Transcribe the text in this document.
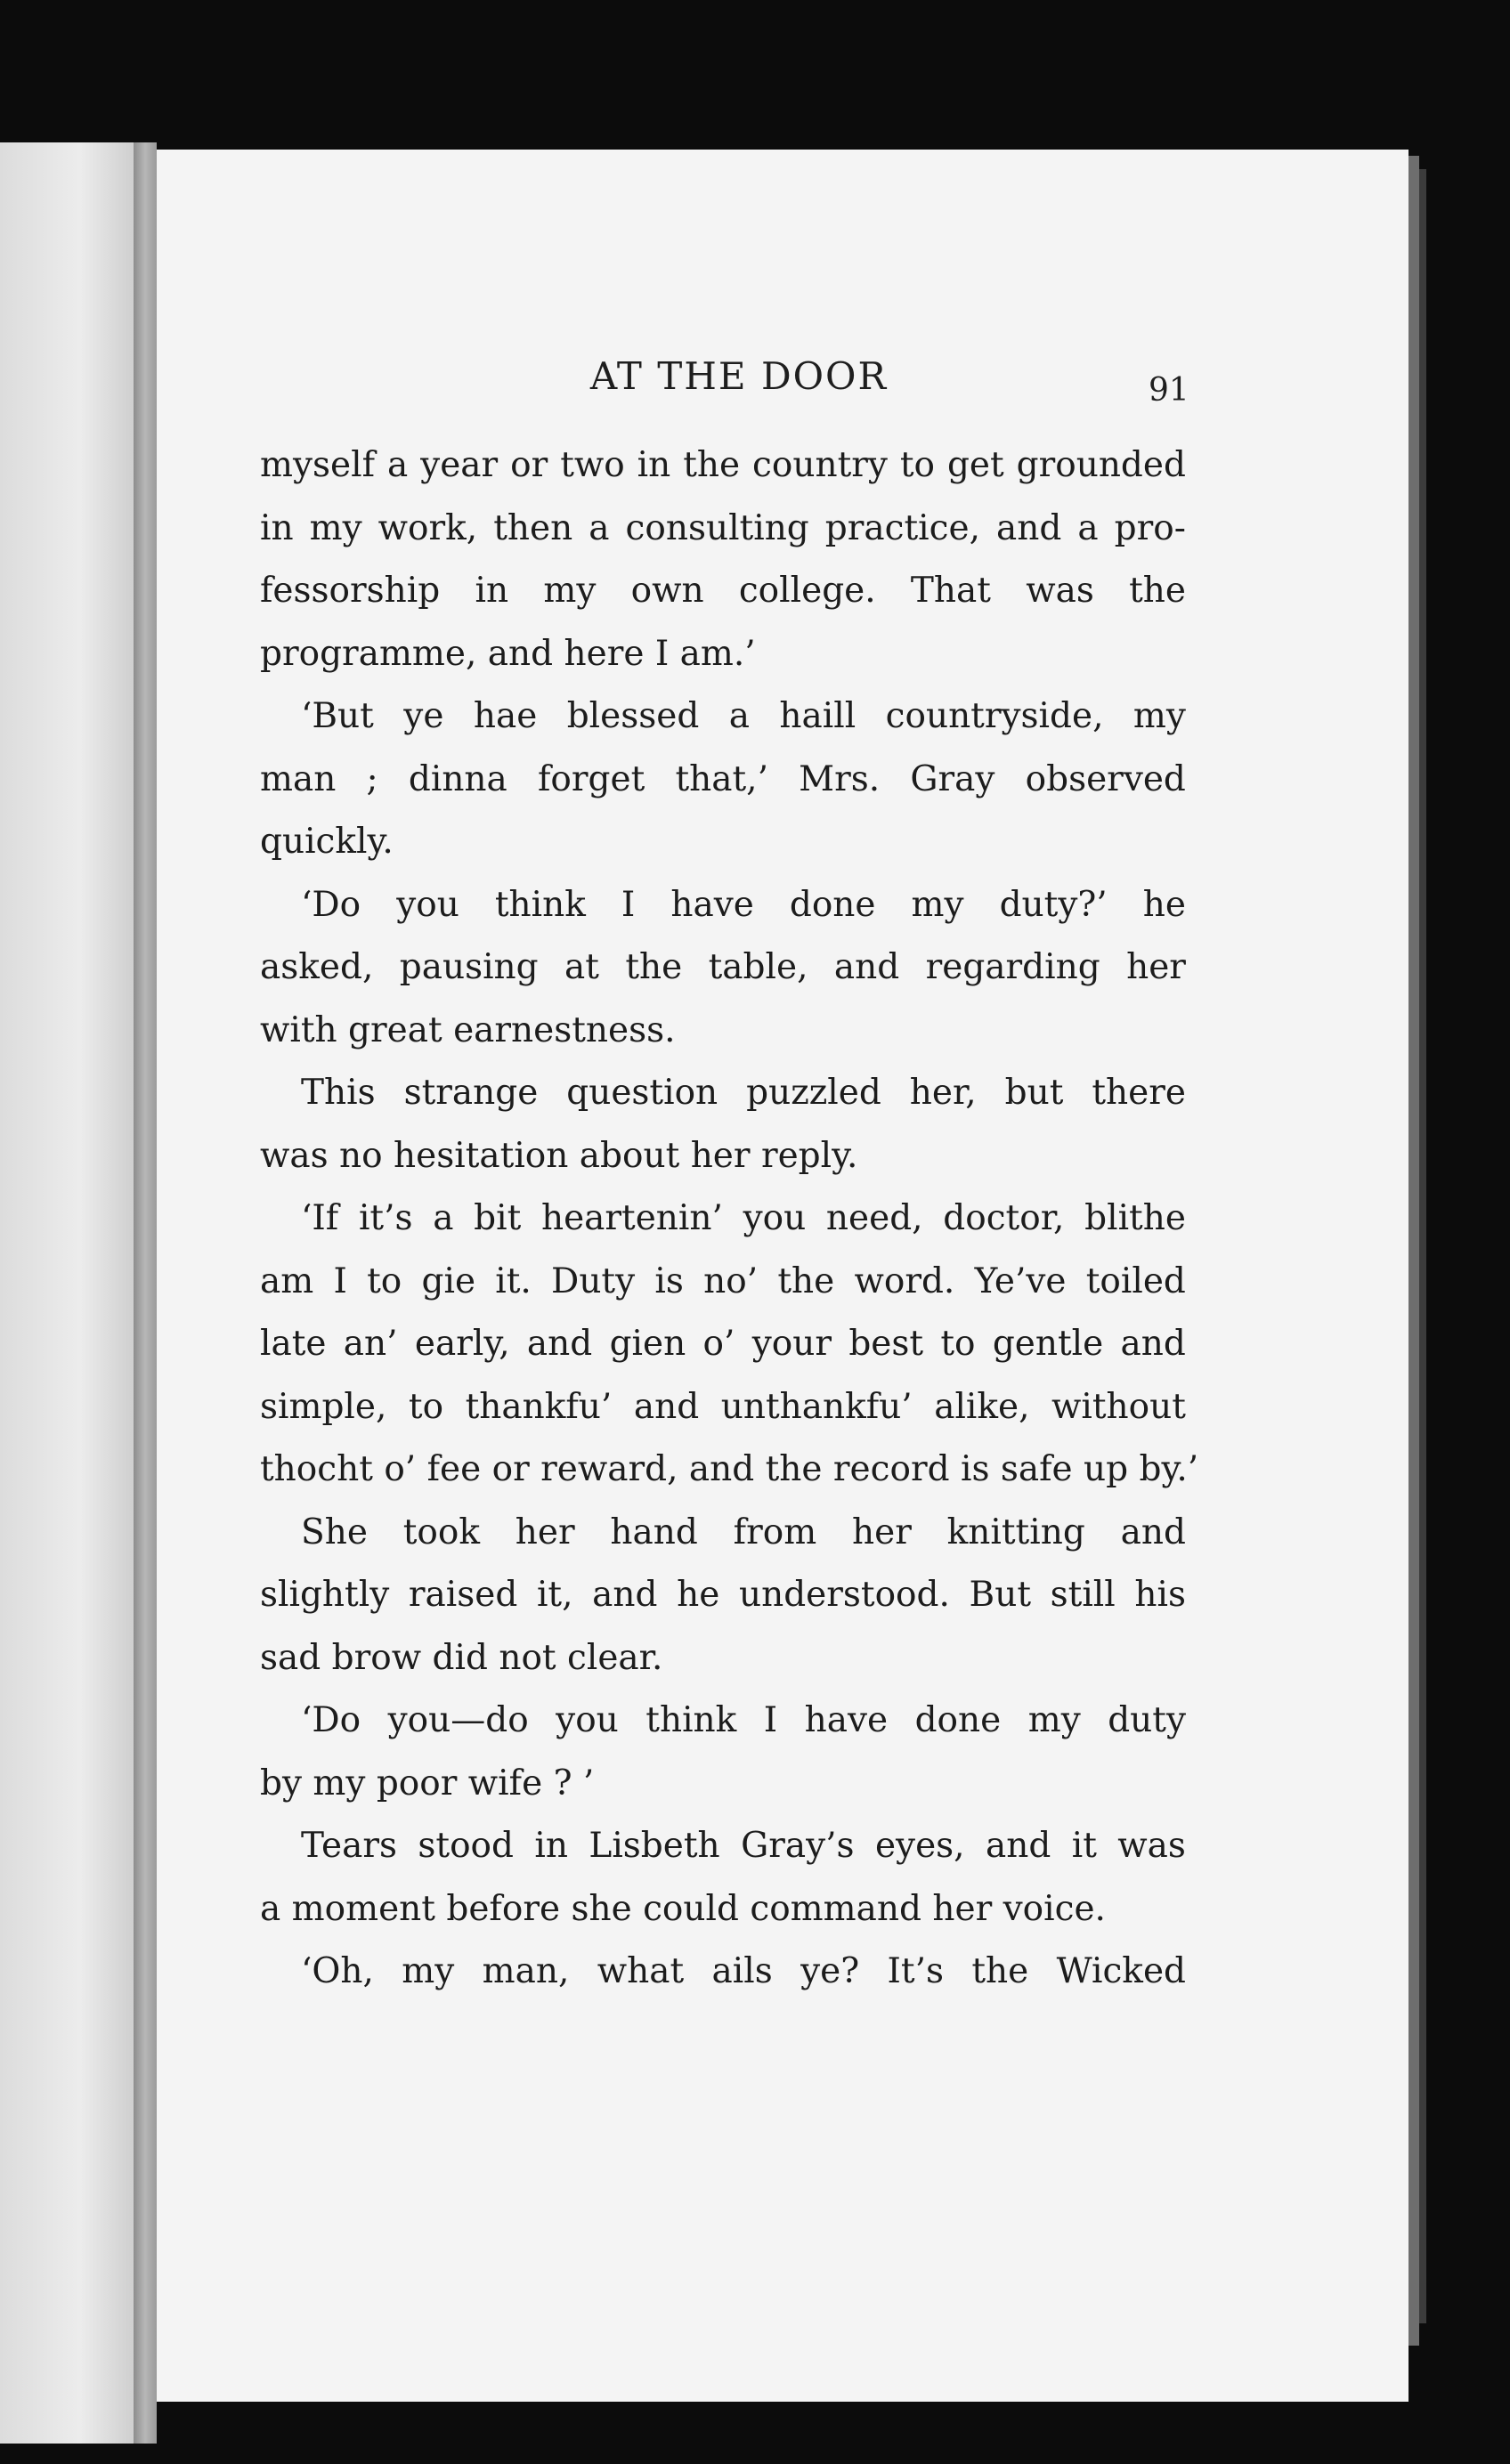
AT THE DOOR	91
myself a year or two in the country to get grounded
in my work, then a consulting practice, and a pro-
fessorship in my own college. That was the
programme, and here I am.’
‘But ye hae blessed a haill countryside, my
man ; dinna forget that,’ Mrs. Gray observed
quickly.
‘Do you think I have done my duty?’ he
asked, pausing at the table, and regarding her
with great earnestness.
This strange question puzzled her, but there
was no hesitation about her reply.
‘If it’s a bit heartenin’ you need, doctor, blithe
am I to gie it. Duty is no’ the word. Ye’ve toiled
late an’ early, and gien o’ your best to gentle and
simple, to thankfu’ and unthankfu’ alike, without
thocht o’ fee or reward, and the record is safe up by.’
She took her hand from her knitting and
slightly raised it, and he understood. But still his
sad brow did not clear.
‘Do you—do you think I have done my duty
by my poor wife ? ’
Tears stood in Lisbeth Gray’s eyes, and it was
a moment before she could command her voice.
‘Oh, my man, what ails ye? It’s the Wicked
